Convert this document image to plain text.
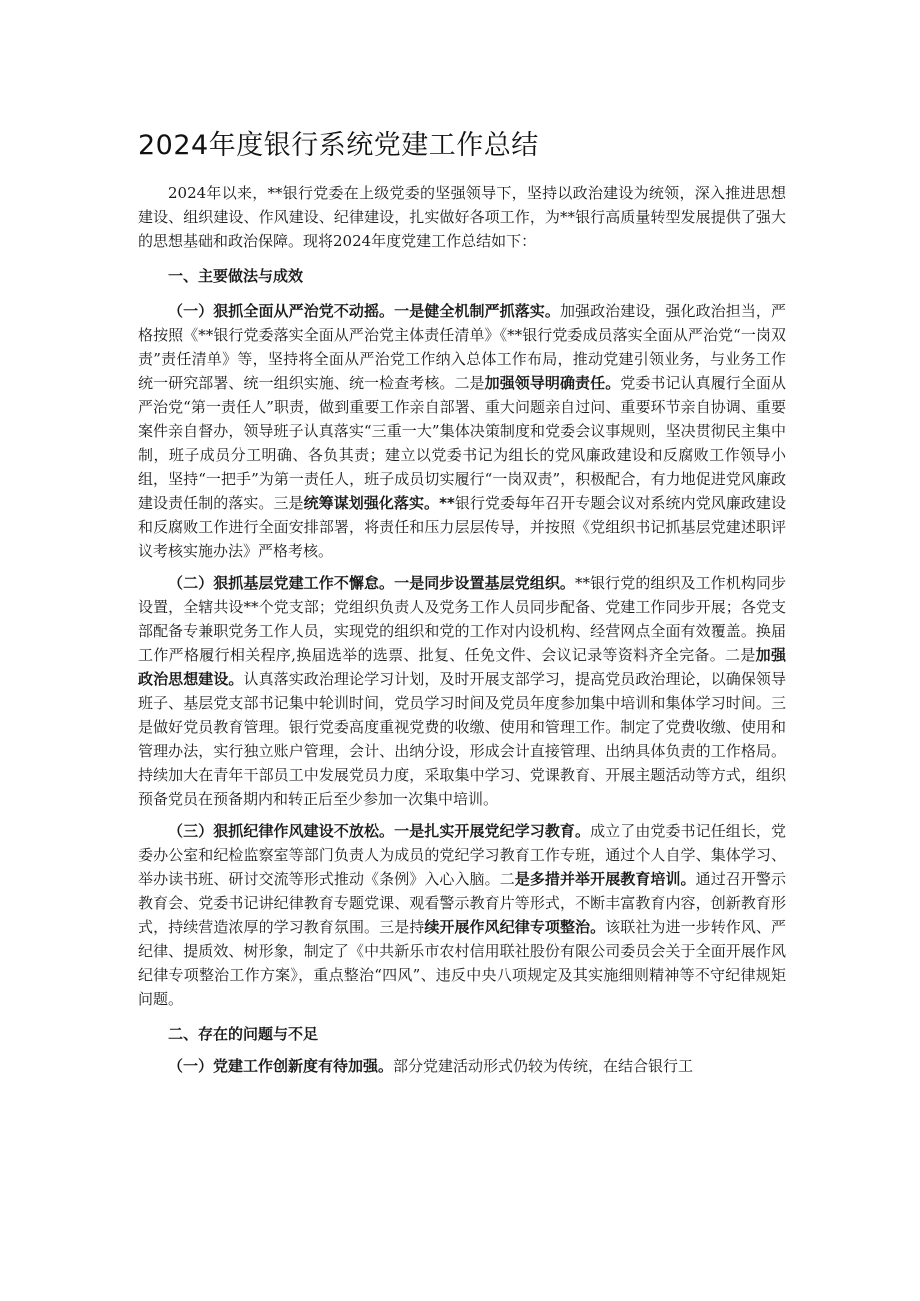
2024年度银行系统党建工作总结

2024年以来，**银行党委在上级党委的坚强领导下，坚持以政治建设为统领，深入推进思想建设、组织建设、作风建设、纪律建设，扎实做好各项工作，为**银行高质量转型发展提供了强大的思想基础和政治保障。现将2024年度党建工作总结如下：

一、主要做法与成效

（一）狠抓全面从严治党不动摇。一是健全机制严抓落实。加强政治建设，强化政治担当，严格按照《**银行党委落实全面从严治党主体责任清单》《**银行党委成员落实全面从严治党“一岗双责”责任清单》等，坚持将全面从严治党工作纳入总体工作布局，推动党建引领业务，与业务工作统一研究部署、统一组织实施、统一检查考核。二是加强领导明确责任。党委书记认真履行全面从严治党“第一责任人”职责，做到重要工作亲自部署、重大问题亲自过问、重要环节亲自协调、重要案件亲自督办，领导班子认真落实“三重一大”集体决策制度和党委会议事规则，坚决贯彻民主集中制，班子成员分工明确、各负其责；建立以党委书记为组长的党风廉政建设和反腐败工作领导小组，坚持“一把手”为第一责任人，班子成员切实履行“一岗双责”，积极配合，有力地促进党风廉政建设责任制的落实。三是统筹谋划强化落实。**银行党委每年召开专题会议对系统内党风廉政建设和反腐败工作进行全面安排部署，将责任和压力层层传导，并按照《党组织书记抓基层党建述职评议考核实施办法》严格考核。

（二）狠抓基层党建工作不懈怠。一是同步设置基层党组织。**银行党的组织及工作机构同步设置，全辖共设**个党支部；党组织负责人及党务工作人员同步配备、党建工作同步开展；各党支部配备专兼职党务工作人员，实现党的组织和党的工作对内设机构、经营网点全面有效覆盖。换届工作严格履行相关程序,换届选举的选票、批复、任免文件、会议记录等资料齐全完备。二是加强政治思想建设。认真落实政治理论学习计划，及时开展支部学习，提高党员政治理论，以确保领导班子、基层党支部书记集中轮训时间，党员学习时间及党员年度参加集中培训和集体学习时间。三是做好党员教育管理。银行党委高度重视党费的收缴、使用和管理工作。制定了党费收缴、使用和管理办法，实行独立账户管理，会计、出纳分设，形成会计直接管理、出纳具体负责的工作格局。持续加大在青年干部员工中发展党员力度，采取集中学习、党课教育、开展主题活动等方式，组织预备党员在预备期内和转正后至少参加一次集中培训。

（三）狠抓纪律作风建设不放松。一是扎实开展党纪学习教育。成立了由党委书记任组长，党委办公室和纪检监察室等部门负责人为成员的党纪学习教育工作专班，通过个人自学、集体学习、举办读书班、研讨交流等形式推动《条例》入心入脑。二是多措并举开展教育培训。通过召开警示教育会、党委书记讲纪律教育专题党课、观看警示教育片等形式，不断丰富教育内容，创新教育形式，持续营造浓厚的学习教育氛围。三是持续开展作风纪律专项整治。该联社为进一步转作风、严纪律、提质效、树形象，制定了《中共新乐市农村信用联社股份有限公司委员会关于全面开展作风纪律专项整治工作方案》，重点整治“四风”、违反中央八项规定及其实施细则精神等不守纪律规矩问题。

二、存在的问题与不足

（一）党建工作创新度有待加强。部分党建活动形式仍较为传统，在结合银行工
